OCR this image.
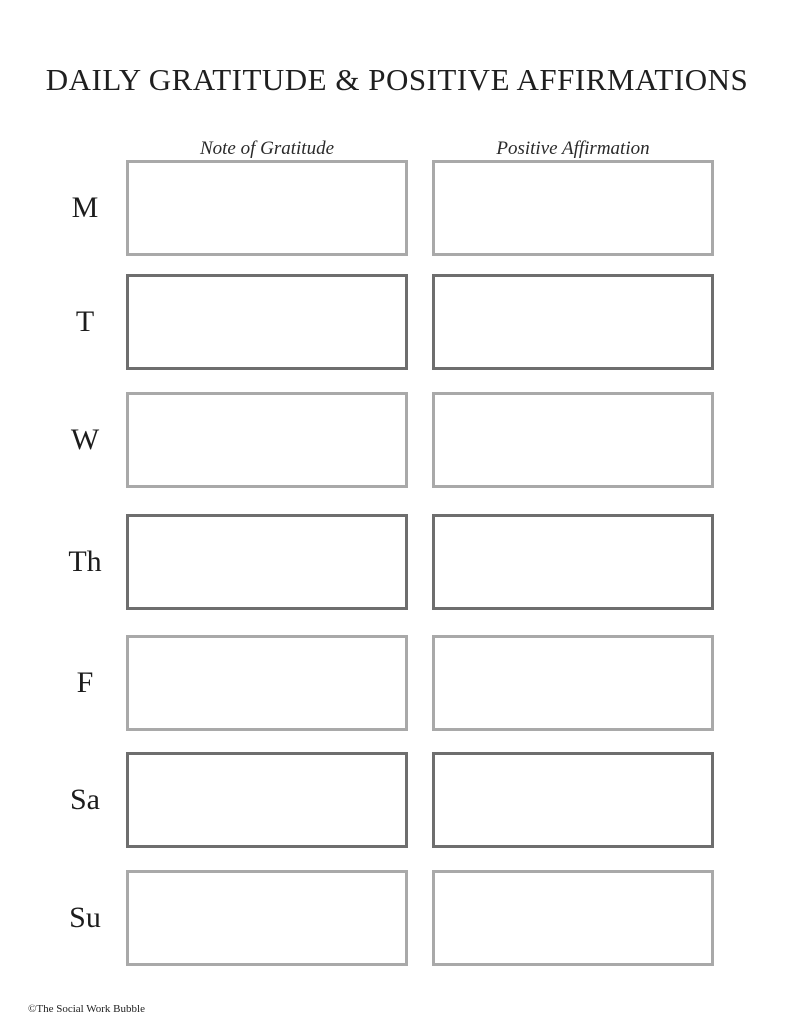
DAILY GRATITUDE & POSITIVE AFFIRMATIONS
Note of Gratitude	Positive Affirmation
M
T
W
Th
F
Sa
Su
©The Social Work Bubble
